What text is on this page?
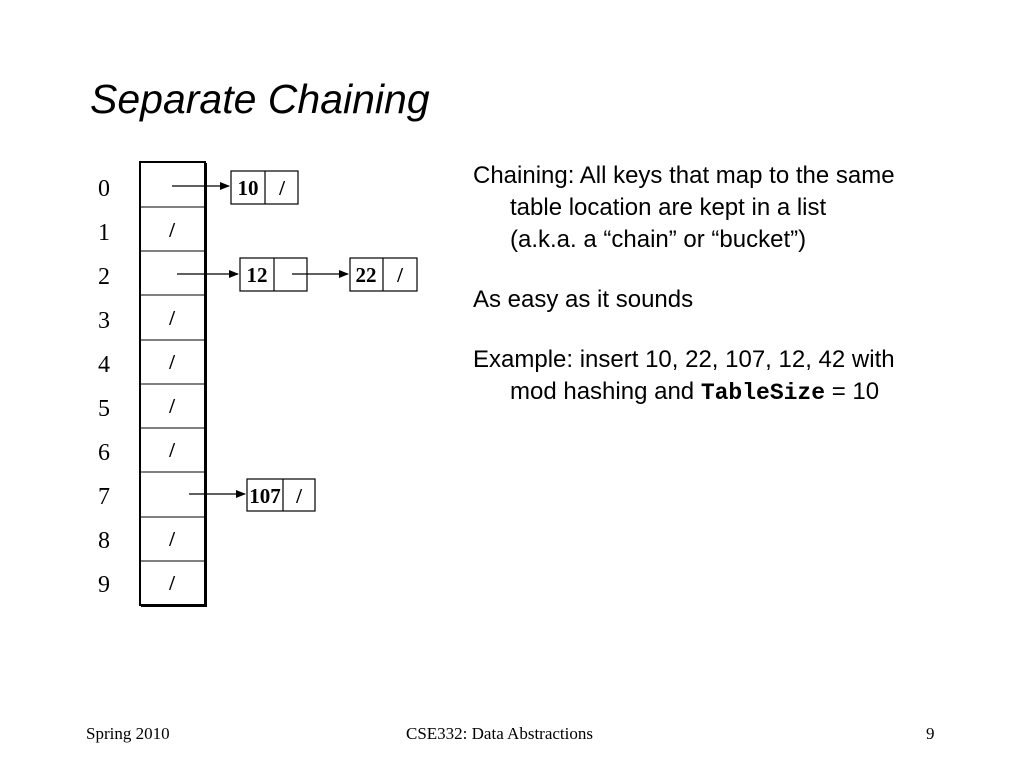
Separate Chaining
0
1
2
3
4
5
6
7
8
9
/
/
/
/
/
/
/
10 /
12	22 /
107 /
Chaining: All keys that map to the same
table location are kept in a list
(a.k.a. a “chain” or “bucket”)
As easy as it sounds
Example: insert 10, 22, 107, 12, 42 with
mod hashing and TableSize = 10
Spring 2010	CSE332: Data Abstractions	9
